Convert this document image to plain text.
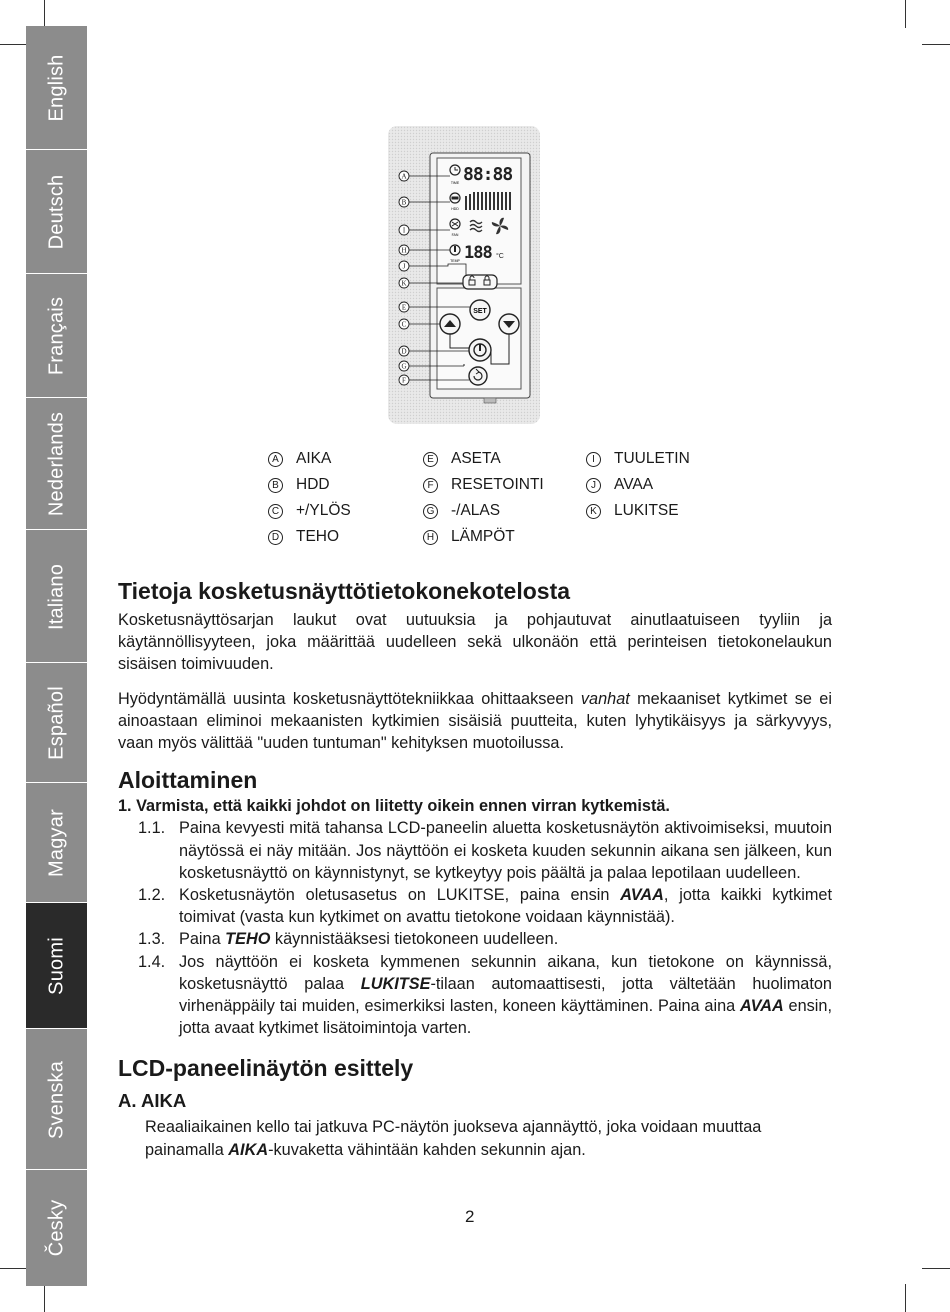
English
Deutsch
Français
Nederlands
Italiano
Español
Magyar
Suomi
Svenska
Česky
TIME 88:88
HDD
FAN
TEMP 188 °C
SET
A
B
I
H
J
K
E
C
D
G
F
A AIKA
B HDD
C +/YLÖS
D TEHO
E ASETA
F RESETOINTI
G -/ALAS
H LÄMPÖT
I	TUULETIN
J	AVAA
K LUKITSE
Tietoja kosketusnäyttötietokonekotelosta

Kosketusnäyttösarjan laukut ovat uutuuksia ja pohjautuvat ainutlaatuiseen tyyliin ja käytännöllisyyteen, joka määrittää uudelleen sekä ulkonäön että perinteisen tietokonelaukun sisäisen toimivuuden.

Hyödyntämällä uusinta kosketusnäyttötekniikkaa ohittaakseen vanhat mekaaniset kytkimet se ei ainoastaan eliminoi mekaanisten kytkimien sisäisiä puutteita, kuten lyhytikäisyys ja särkyvyys, vaan myös välittää "uuden tuntuman" kehityksen muotoilussa.

Aloittaminen

1. Varmista, että kaikki johdot on liitetty oikein ennen virran kytkemistä.

1.1. Paina kevyesti mitä tahansa LCD-paneelin aluetta kosketusnäytön aktivoimiseksi, muutoin näytössä ei näy mitään. Jos näyttöön ei kosketa kuuden sekunnin aikana sen jälkeen, kun kosketusnäyttö on käynnistynyt, se kytkeytyy pois päältä ja palaa lepotilaan uudelleen.
1.2. Kosketusnäytön oletusasetus on LUKITSE, paina ensin AVAA, jotta kaikki kytkimet toimivat (vasta kun kytkimet on avattu tietokone voidaan käynnistää).
1.3. Paina TEHO käynnistääksesi tietokoneen uudelleen.
1.4. Jos näyttöön ei kosketa kymmenen sekunnin aikana, kun tietokone on käynnissä, kosketusnäyttö palaa LUKITSE-tilaan automaattisesti, jotta vältetään huolimaton virhenäppäily tai muiden, esimerkiksi lasten, koneen käyttäminen. Paina aina AVAA ensin, jotta avaat kytkimet lisätoimintoja varten.
LCD-paneelinäytön esittely

A. AIKA

Reaaliaikainen kello tai jatkuva PC-näytön juokseva ajannäyttö, joka voidaan muuttaa painamalla AIKA-kuvaketta vähintään kahden sekunnin ajan.

2
